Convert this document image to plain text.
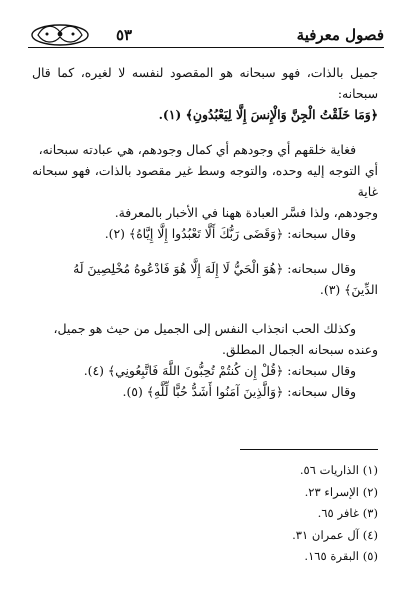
٥٣	فصول معرفية

جميل بالذات، فهو سبحانه هو المقصود لنفسه لا لغيره، كما قال سبحانه:

﴿وَمَا خَلَقْتُ الْجِنَّ وَالْإِنسَ إِلَّا لِيَعْبُدُونِ﴾ (١).

فغاية خلقهم أي وجودهم أي كمال وجودهم، هي عبادته سبحانه،

أي التوجه إليه وحده، والتوجه وسط غير مقصود بالذات، فهو سبحانه غاية

وجودهم، ولذا فسَّر العبادة ههنا في الأخبار بالمعرفة.

وقال سبحانه: ﴿وَقَضَى رَبُّكَ أَلَّا تَعْبُدُوا إِلَّا إِيَّاهُ﴾ (٢).

وقال سبحانه: ﴿هُوَ الْحَيُّ لَا إِلَهَ إِلَّا هُوَ فَادْعُوهُ مُخْلِصِينَ لَهُ

الدِّينَ﴾ (٣).

وكذلك الحب انجذاب النفس إلى الجميل من حيث هو جميل،

وعنده سبحانه الجمال المطلق.

وقال سبحانه: ﴿قُلْ إِن كُنتُمْ تُحِبُّونَ اللَّهَ فَاتَّبِعُونِي﴾ (٤).

وقال سبحانه: ﴿وَالَّذِينَ آمَنُوا أَشَدُّ حُبًّا لِّلَّهِ﴾ (٥).

(١) الذاريات ٥٦.
(٢) الإسراء ٢٣.
(٣) غافر ٦٥.
(٤) آل عمران ٣١.
(٥) البقرة ١٦٥.
